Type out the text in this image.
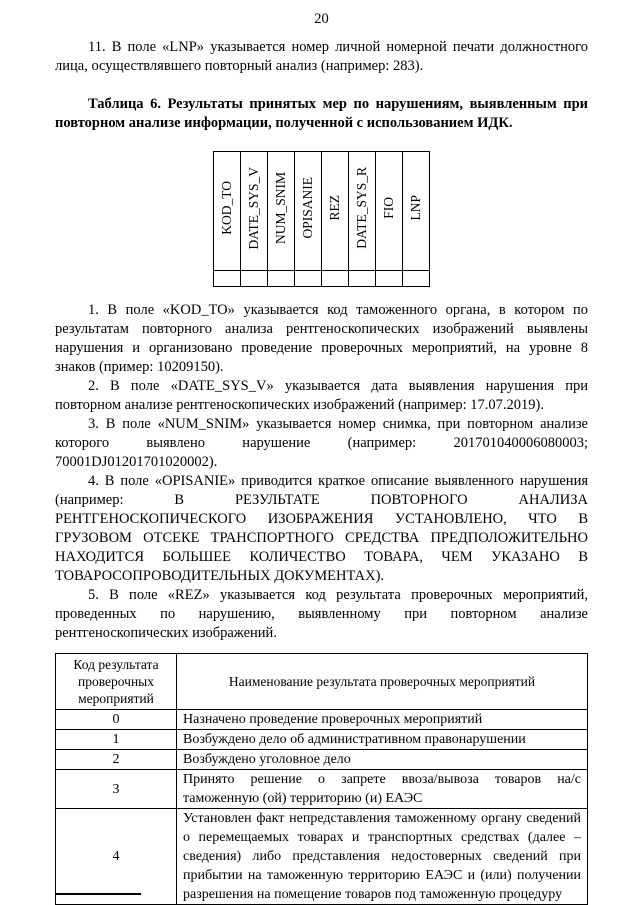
20

11. В поле «LNP» указывается номер личной номерной печати должностного лица, осуществлявшего повторный анализ (например: 283).

Таблица 6. Результаты принятых мер по нарушениям, выявленным при повторном анализе информации, полученной с использованием ИДК.

KOD_TO	DATE_SYS_V	NUM_SNIM	OPISANIE	REZ	DATE_SYS_R	FIO	LNP

1. В поле «KOD_TO» указывается код таможенного органа, в котором по результатам повторного анализа рентгеноскопических изображений выявлены нарушения и организовано проведение проверочных мероприятий, на уровне 8 знаков (пример: 10209150).

2. В поле «DATE_SYS_V» указывается дата выявления нарушения при повторном анализе рентгеноскопических изображений (например: 17.07.2019).

3. В поле «NUM_SNIM» указывается номер снимка, при повторном анализе которого выявлено нарушение (например: 201701040006080003; 70001DJ01201701020002).

4. В поле «OPISANIE» приводится краткое описание выявленного нарушения (например: В РЕЗУЛЬТАТЕ ПОВТОРНОГО АНАЛИЗА РЕНТГЕНОСКОПИЧЕСКОГО ИЗОБРАЖЕНИЯ УСТАНОВЛЕНО, ЧТО В ГРУЗОВОМ ОТСЕКЕ ТРАНСПОРТНОГО СРЕДСТВА ПРЕДПОЛОЖИТЕЛЬНО НАХОДИТСЯ БОЛЬШЕЕ КОЛИЧЕСТВО ТОВАРА, ЧЕМ УКАЗАНО В ТОВАРОСОПРОВОДИТЕЛЬНЫХ ДОКУМЕНТАХ).

5. В поле «REZ» указывается код результата проверочных мероприятий, проведенных по нарушению, выявленному при повторном анализе рентгеноскопических изображений.

Код результата проверочных мероприятий	Наименование результата проверочных мероприятий
0	Назначено проведение проверочных мероприятий
1	Возбуждено дело об административном правонарушении
2	Возбуждено уголовное дело
3	Принято решение о запрете ввоза/вывоза товаров на/с таможенную (ой) территорию (и) ЕАЭС
4	Установлен факт непредставления таможенному органу сведений о перемещаемых товарах и транспортных средствах (далее – сведения) либо представления недостоверных сведений при прибытии на таможенную территорию ЕАЭС и (или) получении разрешения на помещение товаров под таможенную процедуру
